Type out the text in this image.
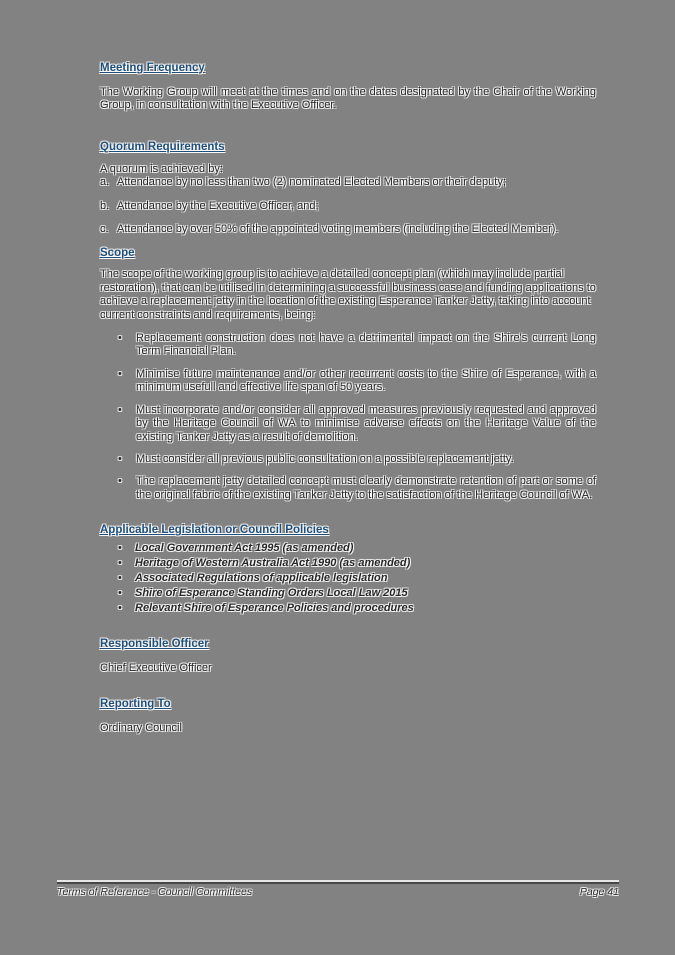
Meeting Frequency

The Working Group will meet at the times and on the dates designated by the Chair of the Working Group, in consultation with the Executive Officer.

Quorum Requirements

A quorum is achieved by:

a. Attendance by no less than two (2) nominated Elected Members or their deputy;
b. Attendance by the Executive Officer, and;
c. Attendance by over 50% of the appointed voting members (including the Elected Member).
Scope

The scope of the working group is to achieve a detailed concept plan (which may include partial restoration), that can be utilised in determining a successful business case and funding applications to achieve a replacement jetty in the location of the existing Esperance Tanker Jetty, taking into account current constraints and requirements, being:

•	Replacement construction does not have a detrimental impact on the Shire's current Long Term Financial Plan.
•	Minimise future maintenance and/or other recurrent costs to the Shire of Esperance, with a minimum usefull and effective life span of 50 years.
•	Must incorporate and/or consider all approved measures previously requested and approved by the Heritage Council of WA to minimise adverse effects on the Heritage Value of the existing Tanker Jetty as a result of demolition.
•	Must consider all previous public consultation on a possible replacement jetty.
•	The replacement jetty detailed concept must clearly demonstrate retention of part or some of the original fabric of the existing Tanker Jetty to the satisfaction of the Heritage Council of WA.
Applicable Legislation or Council Policies
•	Local Government Act 1995 (as amended)
•	Heritage of Western Australia Act 1990 (as amended)
•	Associated Regulations of applicable legislation
•	Shire of Esperance Standing Orders Local Law 2015
•	Relevant Shire of Esperance Policies and procedures
Responsible Officer

Chief Executive Officer

Reporting To

Ordinary Council

Terms of Reference - Council Committees	Page 41
